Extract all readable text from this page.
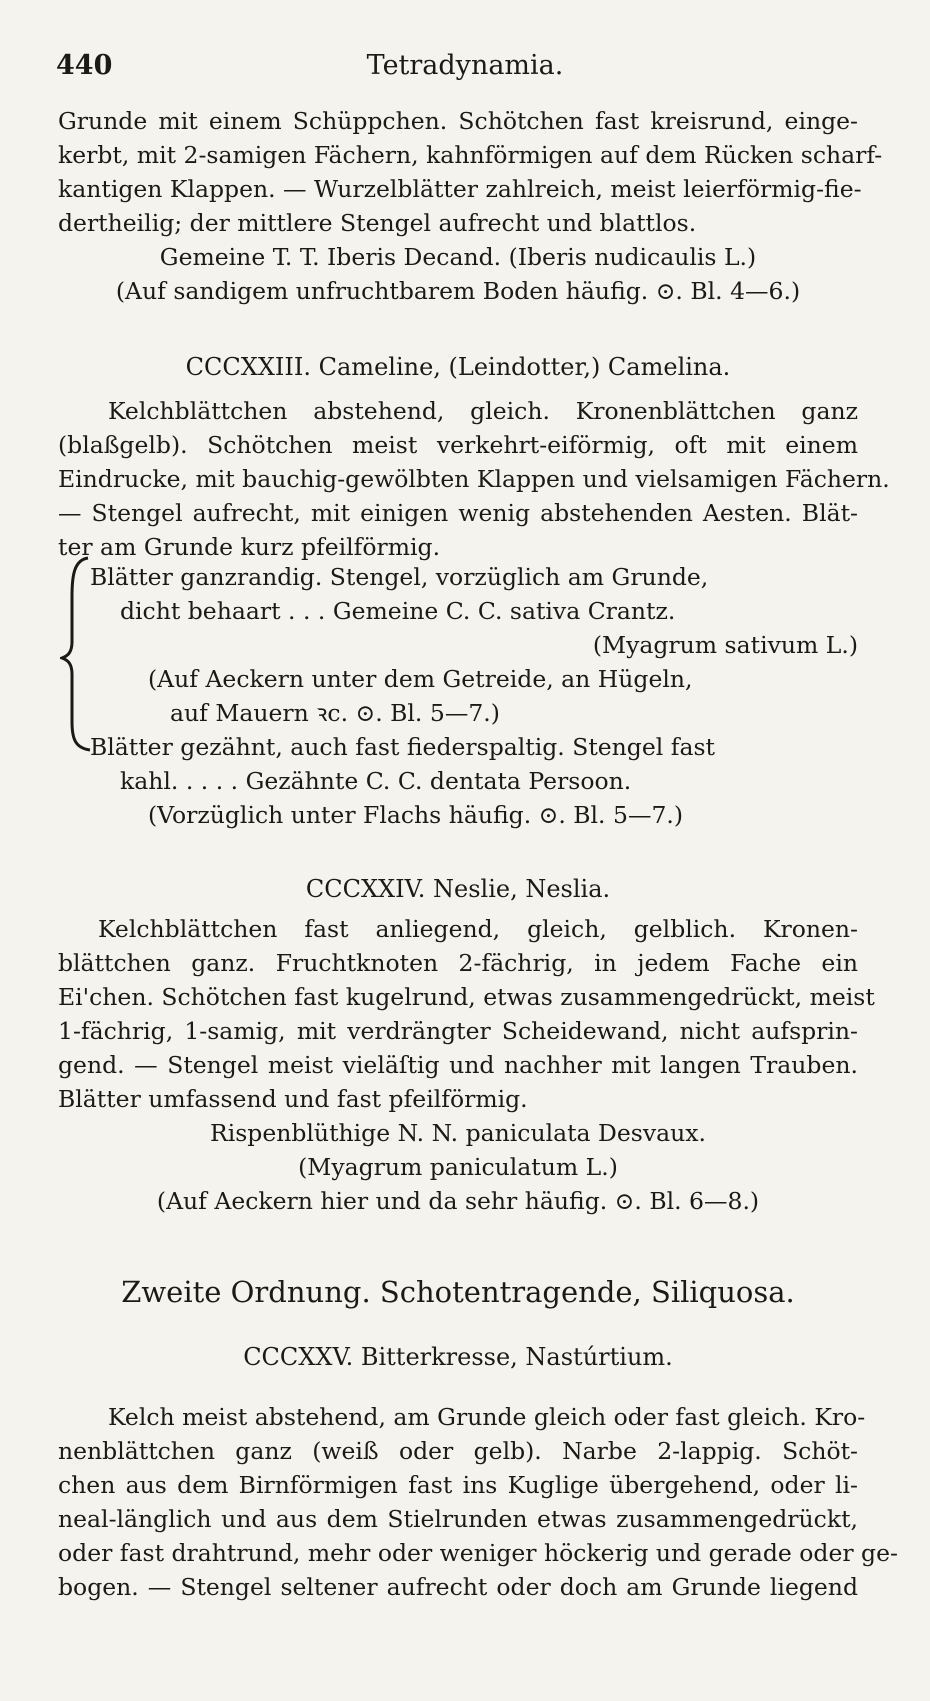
440	Tetradynamia.
Grunde mit einem Schüppchen. Schötchen fast kreisrund, einge-
kerbt, mit 2-samigen Fächern, kahnförmigen auf dem Rücken scharf-
kantigen Klappen. — Wurzelblätter zahlreich, meist leierförmig-fie-
dertheilig; der mittlere Stengel aufrecht und blattlos.
Gemeine T. T. Iberis Decand. (Iberis nudicaulis L.)
(Auf sandigem unfruchtbarem Boden häufig. ⊙. Bl. 4—6.)
CCCXXIII. Cameline, (Leindotter,) Camelina.
Kelchblättchen abstehend, gleich. Kronenblättchen ganz
(blaßgelb). Schötchen meist verkehrt-eiförmig, oft mit einem
Eindrucke, mit bauchig-gewölbten Klappen und vielsamigen Fächern.
— Stengel aufrecht, mit einigen wenig abstehenden Aesten. Blät-
ter am Grunde kurz pfeilförmig.
Blätter ganzrandig. Stengel, vorzüglich am Grunde,
dicht behaart . . . Gemeine C. C. sativa Crantz.
(Myagrum sativum L.)
(Auf Aeckern unter dem Getreide, an Hügeln,
auf Mauern ꝛc. ⊙. Bl. 5—7.)
Blätter gezähnt, auch fast fiederspaltig. Stengel fast
kahl. . . . . Gezähnte C. C. dentata Persoon.
(Vorzüglich unter Flachs häufig. ⊙. Bl. 5—7.)
CCCXXIV. Neslie, Nеslia.
Kelchblättchen fast anliegend, gleich, gelblich. Kronen-
blättchen ganz. Fruchtknoten 2-fächrig, in jedem Fache ein
Ei'chen. Schötchen fast kugelrund, etwas zusammengedrückt, meist
1-fächrig, 1-samig, mit verdrängter Scheidewand, nicht aufsprin-
gend. — Stengel meist vieläſtig und nachher mit langen Trauben.
Blätter umfassend und fast pfeilförmig.
Rispenblüthige N. N. paniculata Desvaux.
(Myagrum paniculatum L.)
(Auf Aeckern hier und da sehr häufig. ⊙. Bl. 6—8.)
Zweite Ordnung. Schotentragende, Siliquosa.
CCCXXV. Bitterkresse, Nastúrtium.
Kelch meist abstehend, am Grunde gleich oder fast gleich. Kro-
nenblättchen ganz (weiß oder gelb). Narbe 2-lappig. Schöt-
chen aus dem Birnförmigen fast ins Kuglige übergehend, oder li-
neal-länglich und aus dem Stielrunden etwas zusammengedrückt,
oder fast drahtrund, mehr oder weniger höckerig und gerade oder ge-
bogen. — Stengel seltener aufrecht oder doch am Grunde liegend
